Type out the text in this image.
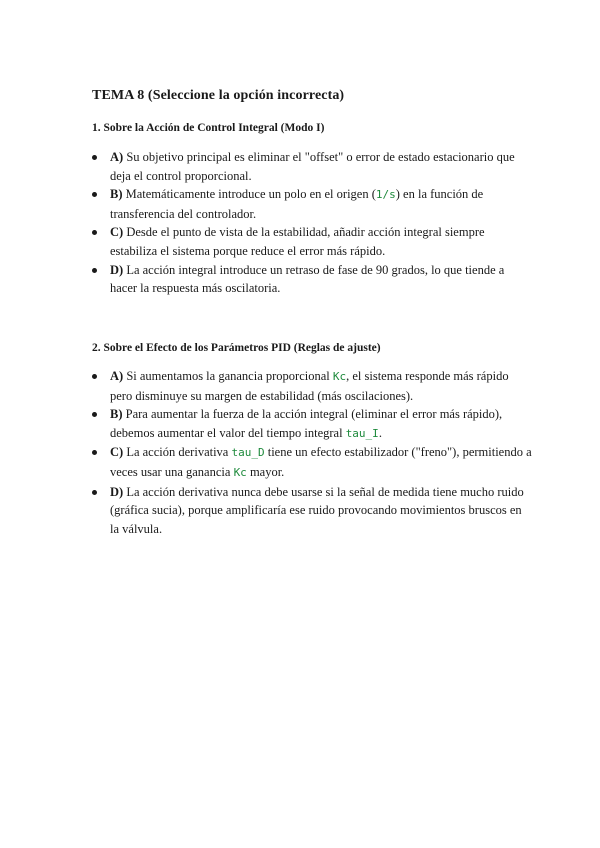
TEMA 8 (Seleccione la opción incorrecta)
1. Sobre la Acción de Control Integral (Modo I)
A) Su objetivo principal es eliminar el "offset" o error de estado estacionario que deja el control proporcional.
B) Matemáticamente introduce un polo en el origen (1/s) en la función de transferencia del controlador.
C) Desde el punto de vista de la estabilidad, añadir acción integral siempre estabiliza el sistema porque reduce el error más rápido.
D) La acción integral introduce un retraso de fase de 90 grados, lo que tiende a hacer la respuesta más oscilatoria.
2. Sobre el Efecto de los Parámetros PID (Reglas de ajuste)
A) Si aumentamos la ganancia proporcional Kc, el sistema responde más rápido pero disminuye su margen de estabilidad (más oscilaciones).
B) Para aumentar la fuerza de la acción integral (eliminar el error más rápido), debemos aumentar el valor del tiempo integral tau_I.
C) La acción derivativa tau_D tiene un efecto estabilizador ("freno"), permitiendo a veces usar una ganancia Kc mayor.
D) La acción derivativa nunca debe usarse si la señal de medida tiene mucho ruido (gráfica sucia), porque amplificaría ese ruido provocando movimientos bruscos en la válvula.
